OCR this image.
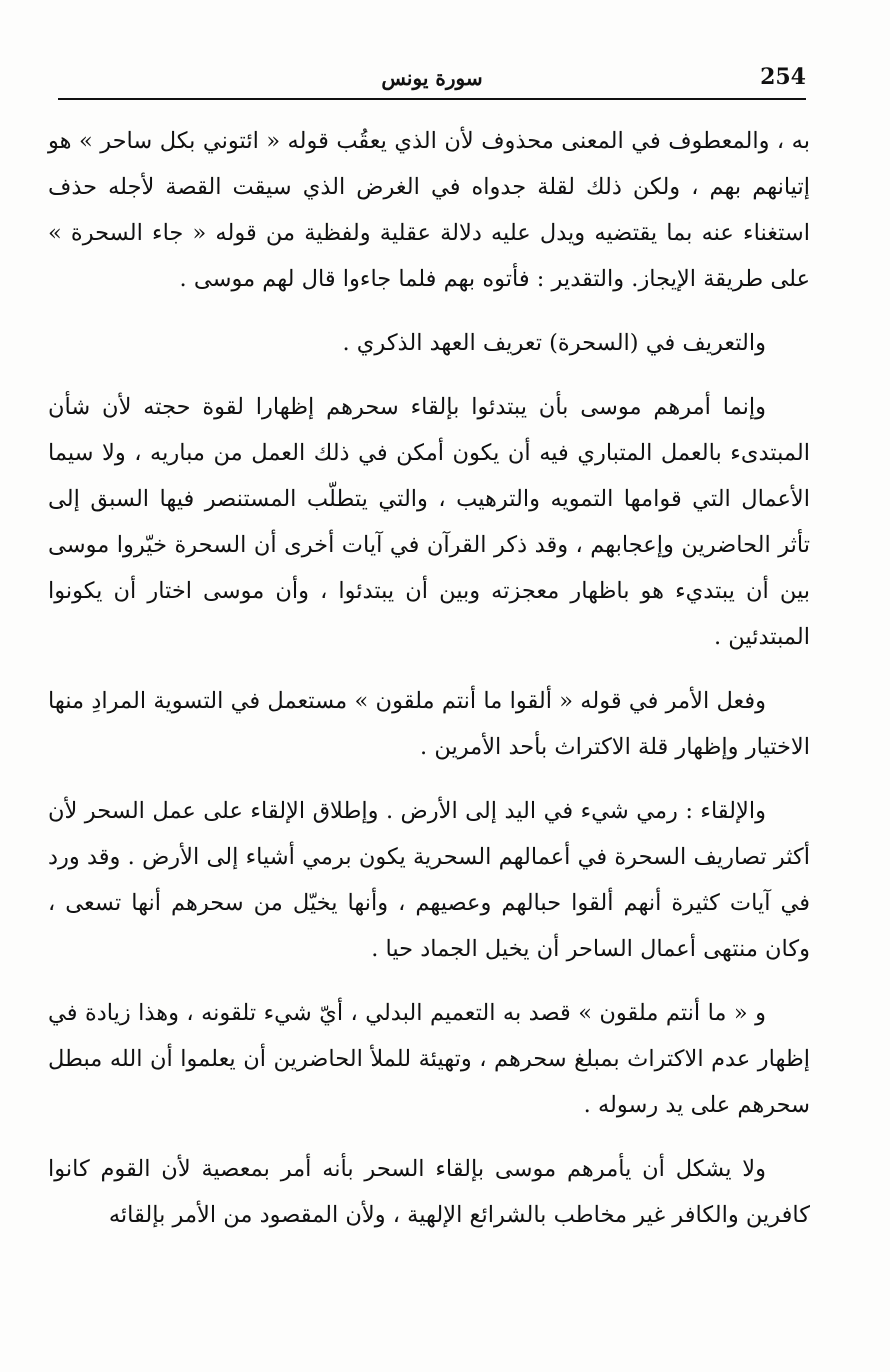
254
سورة يونس

به ، والمعطوف في المعنى محذوف لأن الذي يعقُب قوله « ائتوني بكل ساحر » هو إتيانهم بهم ، ولكن ذلك لقلة جدواه في الغرض الذي سيقت القصة لأجله حذف استغناء عنه بما يقتضيه ويدل عليه دلالة عقلية ولفظية من قوله « جاء السحرة » على طريقة الإيجاز. والتقدير : فأتوه بهم فلما جاءوا قال لهم موسى .

والتعريف في (السحرة) تعريف العهد الذكري .

وإنما أمرهم موسى بأن يبتدئوا بإلقاء سحرهم إظهارا لقوة حجته لأن شأن المبتدىء بالعمل المتباري فيه أن يكون أمكن في ذلك العمل من مباريه ، ولا سيما الأعمال التي قوامها التمويه والترهيب ، والتي يتطلّب المستنصر فيها السبق إلى تأثر الحاضرين وإعجابهم ، وقد ذكر القرآن في آيات أخرى أن السحرة خيّروا موسى بين أن يبتديء هو باظهار معجزته وبين أن يبتدئوا ، وأن موسى اختار أن يكونوا المبتدئين .

وفعل الأمر في قوله « ألقوا ما أنتم ملقون » مستعمل في التسوية المرادِ منها الاختيار وإظهار قلة الاكتراث بأحد الأمرين .

والإلقاء : رمي شيء في اليد إلى الأرض . وإطلاق الإلقاء على عمل السحر لأن أكثر تصاريف السحرة في أعمالهم السحرية يكون برمي أشياء إلى الأرض . وقد ورد في آيات كثيرة أنهم ألقوا حبالهم وعصيهم ، وأنها يخيّل من سحرهم أنها تسعى ، وكان منتهى أعمال الساحر أن يخيل الجماد حيا .

و « ما أنتم ملقون » قصد به التعميم البدلي ، أيّ شيء تلقونه ، وهذا زيادة في إظهار عدم الاكتراث بمبلغ سحرهم ، وتهيئة للملأ الحاضرين أن يعلموا أن الله مبطل سحرهم على يد رسوله .

ولا يشكل أن يأمرهم موسى بإلقاء السحر بأنه أمر بمعصية لأن القوم كانوا كافرين والكافر غير مخاطب بالشرائع الإلهية ، ولأن المقصود من الأمر بإلقائه
